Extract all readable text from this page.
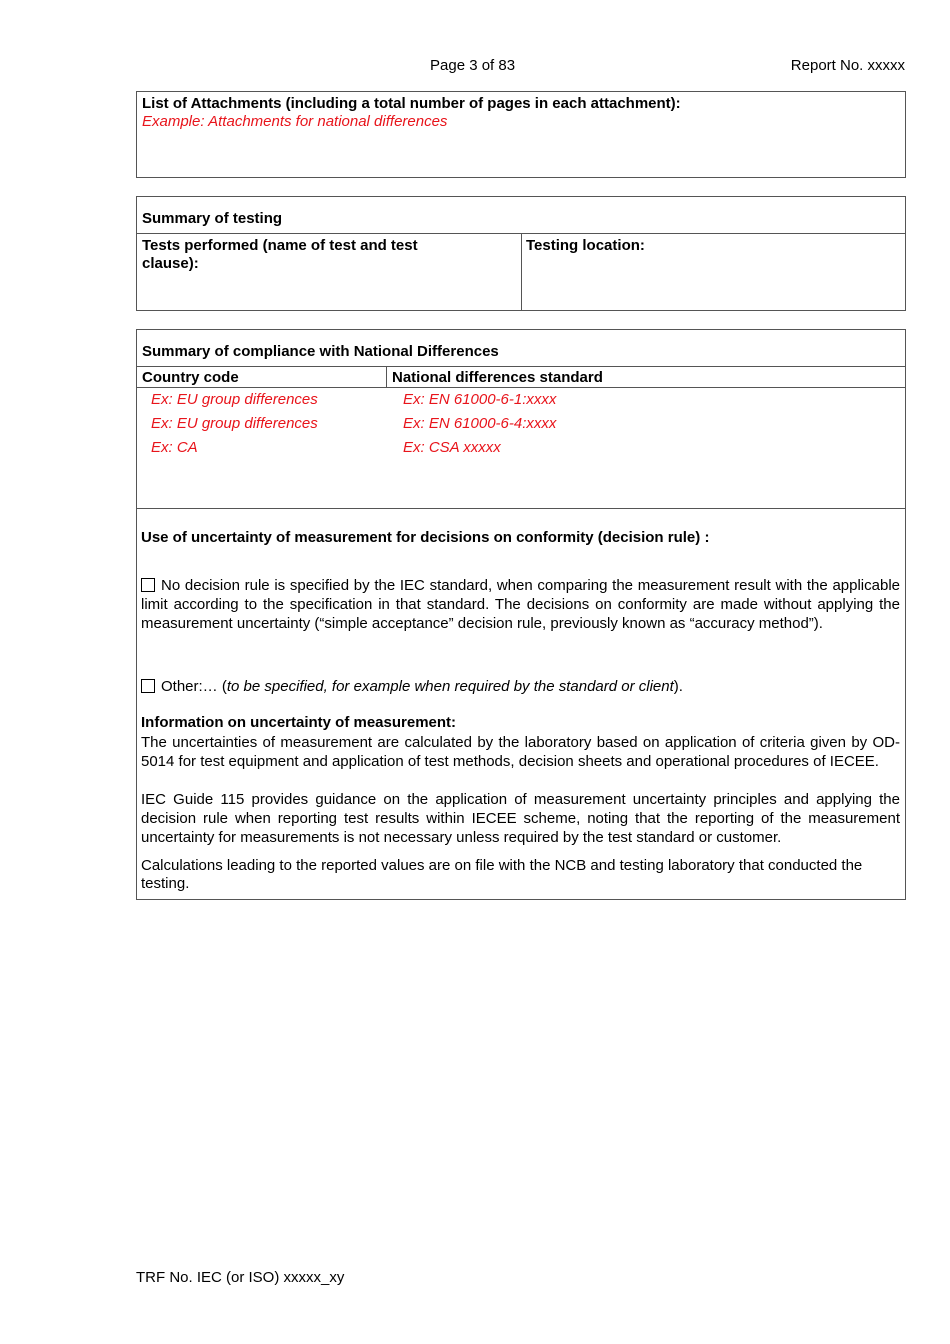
Page 3 of 83	Report No. xxxxx
List of Attachments (including a total number of pages in each attachment):
Example: Attachments for national differences
Summary of testing
Tests performed (name of test and test clause):
Testing location:
Summary of compliance with National Differences
Country code	National differences standard
Ex: EU group differences	Ex: EN 61000-6-1:xxxx
Ex: EU group differences	Ex: EN 61000-6-4:xxxx
Ex: CA	Ex: CSA xxxxx
Use of uncertainty of measurement for decisions on conformity (decision rule) :
No decision rule is specified by the IEC standard, when comparing the measurement result with the applicable limit according to the specification in that standard. The decisions on conformity are made without applying the measurement uncertainty (“simple acceptance” decision rule, previously known as “accuracy method”).
Other:… (to be specified, for example when required by the standard or client).
Information on uncertainty of measurement:
The uncertainties of measurement are calculated by the laboratory based on application of criteria given by OD-5014 for test equipment and application of test methods, decision sheets and operational procedures of IECEE.
IEC Guide 115 provides guidance on the application of measurement uncertainty principles and applying the decision rule when reporting test results within IECEE scheme, noting that the reporting of the measurement uncertainty for measurements is not necessary unless required by the test standard or customer.
Calculations leading to the reported values are on file with the NCB and testing laboratory that conducted the testing.
TRF No. IEC (or ISO) xxxxx_xy
